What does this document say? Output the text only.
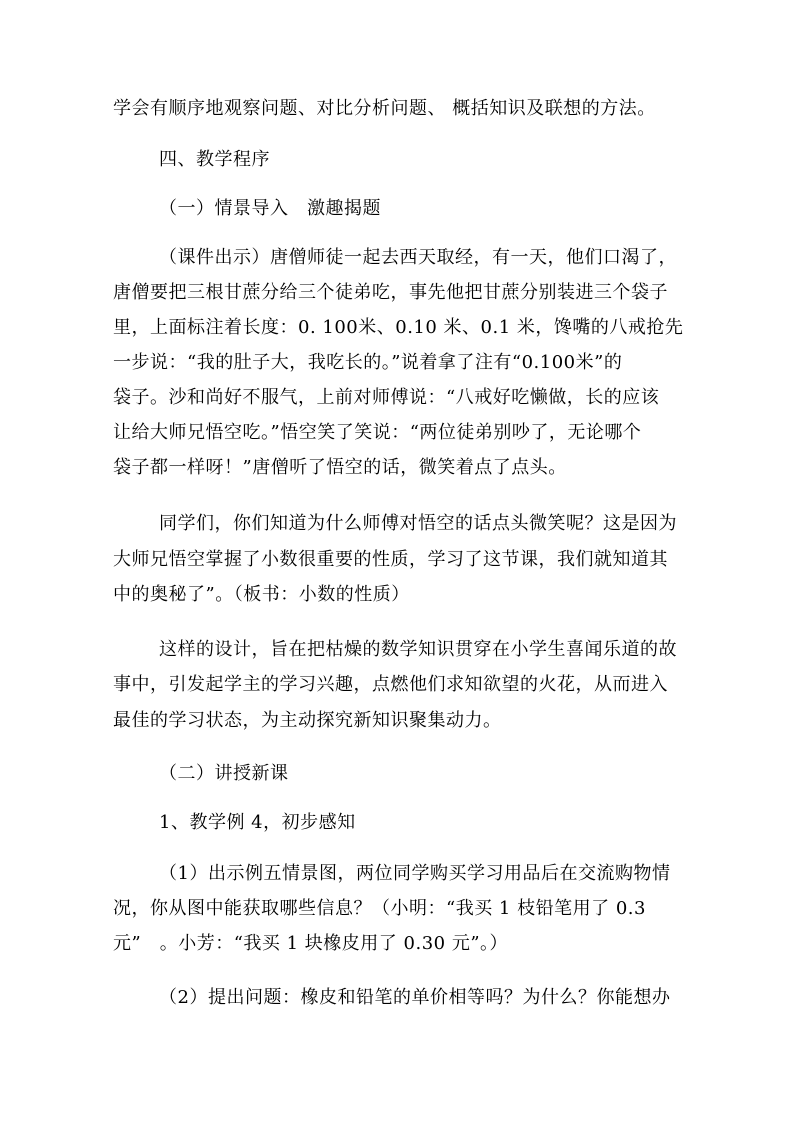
学会有顺序地观察问题、对比分析问题、 概括知识及联想的方法。
四、教学程序
（一）情景导入　激趣揭题
（课件出示）唐僧师徒一起去西天取经，有一天，他们口渴了，
唐僧要把三根甘蔗分给三个徒弟吃，事先他把甘蔗分别装进三个袋子
里，上面标注着长度：0. 100米、0.10 米、0.1 米，馋嘴的八戒抢先
一步说：“我的肚子大，我吃长的。”说着拿了注有“0.100米”的
袋子。沙和尚好不服气，上前对师傅说：“八戒好吃懒做，长的应该
让给大师兄悟空吃。”悟空笑了笑说：“两位徒弟别吵了，无论哪个
袋子都一样呀！”唐僧听了悟空的话，微笑着点了点头。
同学们，你们知道为什么师傅对悟空的话点头微笑呢？这是因为
大师兄悟空掌握了小数很重要的性质，学习了这节课，我们就知道其
中的奥秘了”。（板书：小数的性质）
这样的设计，旨在把枯燥的数学知识贯穿在小学生喜闻乐道的故
事中，引发起学主的学习兴趣，点燃他们求知欲望的火花，从而进入
最佳的学习状态，为主动探究新知识聚集动力。
（二）讲授新课
1、教学例 4，初步感知
（1）出示例五情景图，两位同学购买学习用品后在交流购物情
况，你从图中能获取哪些信息？（小明：“我买 1 枝铅笔用了 0.3
元”　。小芳：“我买 1 块橡皮用了 0.30 元”。）
（2）提出问题：橡皮和铅笔的单价相等吗？为什么？你能想办
